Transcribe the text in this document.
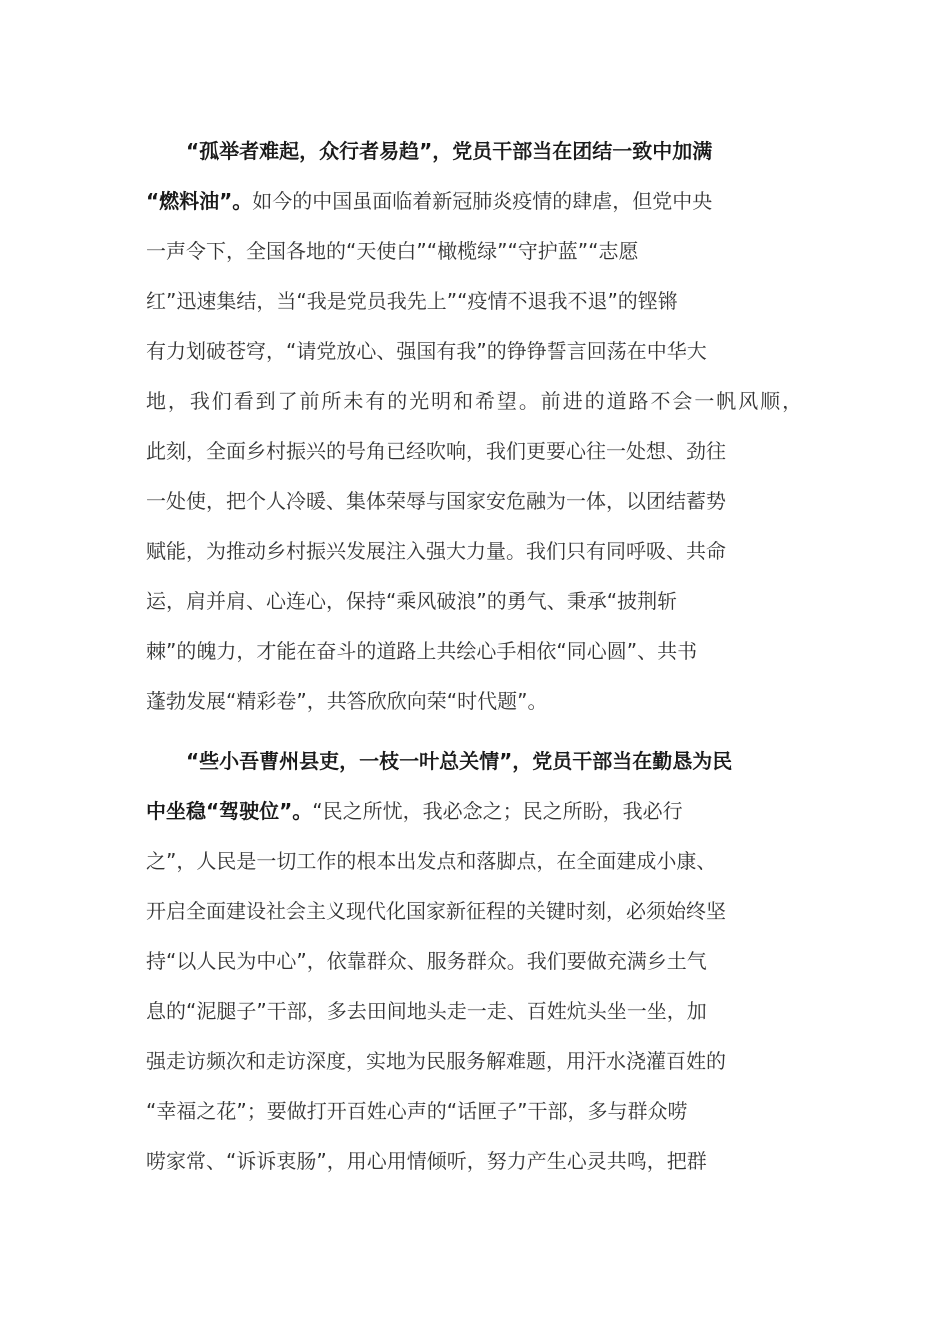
“孤举者难起，众行者易趋”，党员干部当在团结一致中加满
“燃料油”。如今的中国虽面临着新冠肺炎疫情的肆虐，但党中央
一声令下，全国各地的“天使白”“橄榄绿”“守护蓝”“志愿
红”迅速集结，当“我是党员我先上”“疫情不退我不退”的铿锵
有力划破苍穹，“请党放心、强国有我”的铮铮誓言回荡在中华大
地，我们看到了前所未有的光明和希望。前进的道路不会一帆风顺，
此刻，全面乡村振兴的号角已经吹响，我们更要心往一处想、劲往
一处使，把个人冷暖、集体荣辱与国家安危融为一体，以团结蓄势
赋能，为推动乡村振兴发展注入强大力量。我们只有同呼吸、共命
运，肩并肩、心连心，保持“乘风破浪”的勇气、秉承“披荆斩
棘”的魄力，才能在奋斗的道路上共绘心手相依“同心圆”、共书
蓬勃发展“精彩卷”，共答欣欣向荣“时代题”。
“些小吾曹州县吏，一枝一叶总关情”，党员干部当在勤恳为民
中坐稳“驾驶位”。“民之所忧，我必念之；民之所盼，我必行
之”，人民是一切工作的根本出发点和落脚点，在全面建成小康、
开启全面建设社会主义现代化国家新征程的关键时刻，必须始终坚
持“以人民为中心”，依靠群众、服务群众。我们要做充满乡土气
息的“泥腿子”干部，多去田间地头走一走、百姓炕头坐一坐，加
强走访频次和走访深度，实地为民服务解难题，用汗水浇灌百姓的
“幸福之花”；要做打开百姓心声的“话匣子”干部，多与群众唠
唠家常、“诉诉衷肠”，用心用情倾听，努力产生心灵共鸣，把群
